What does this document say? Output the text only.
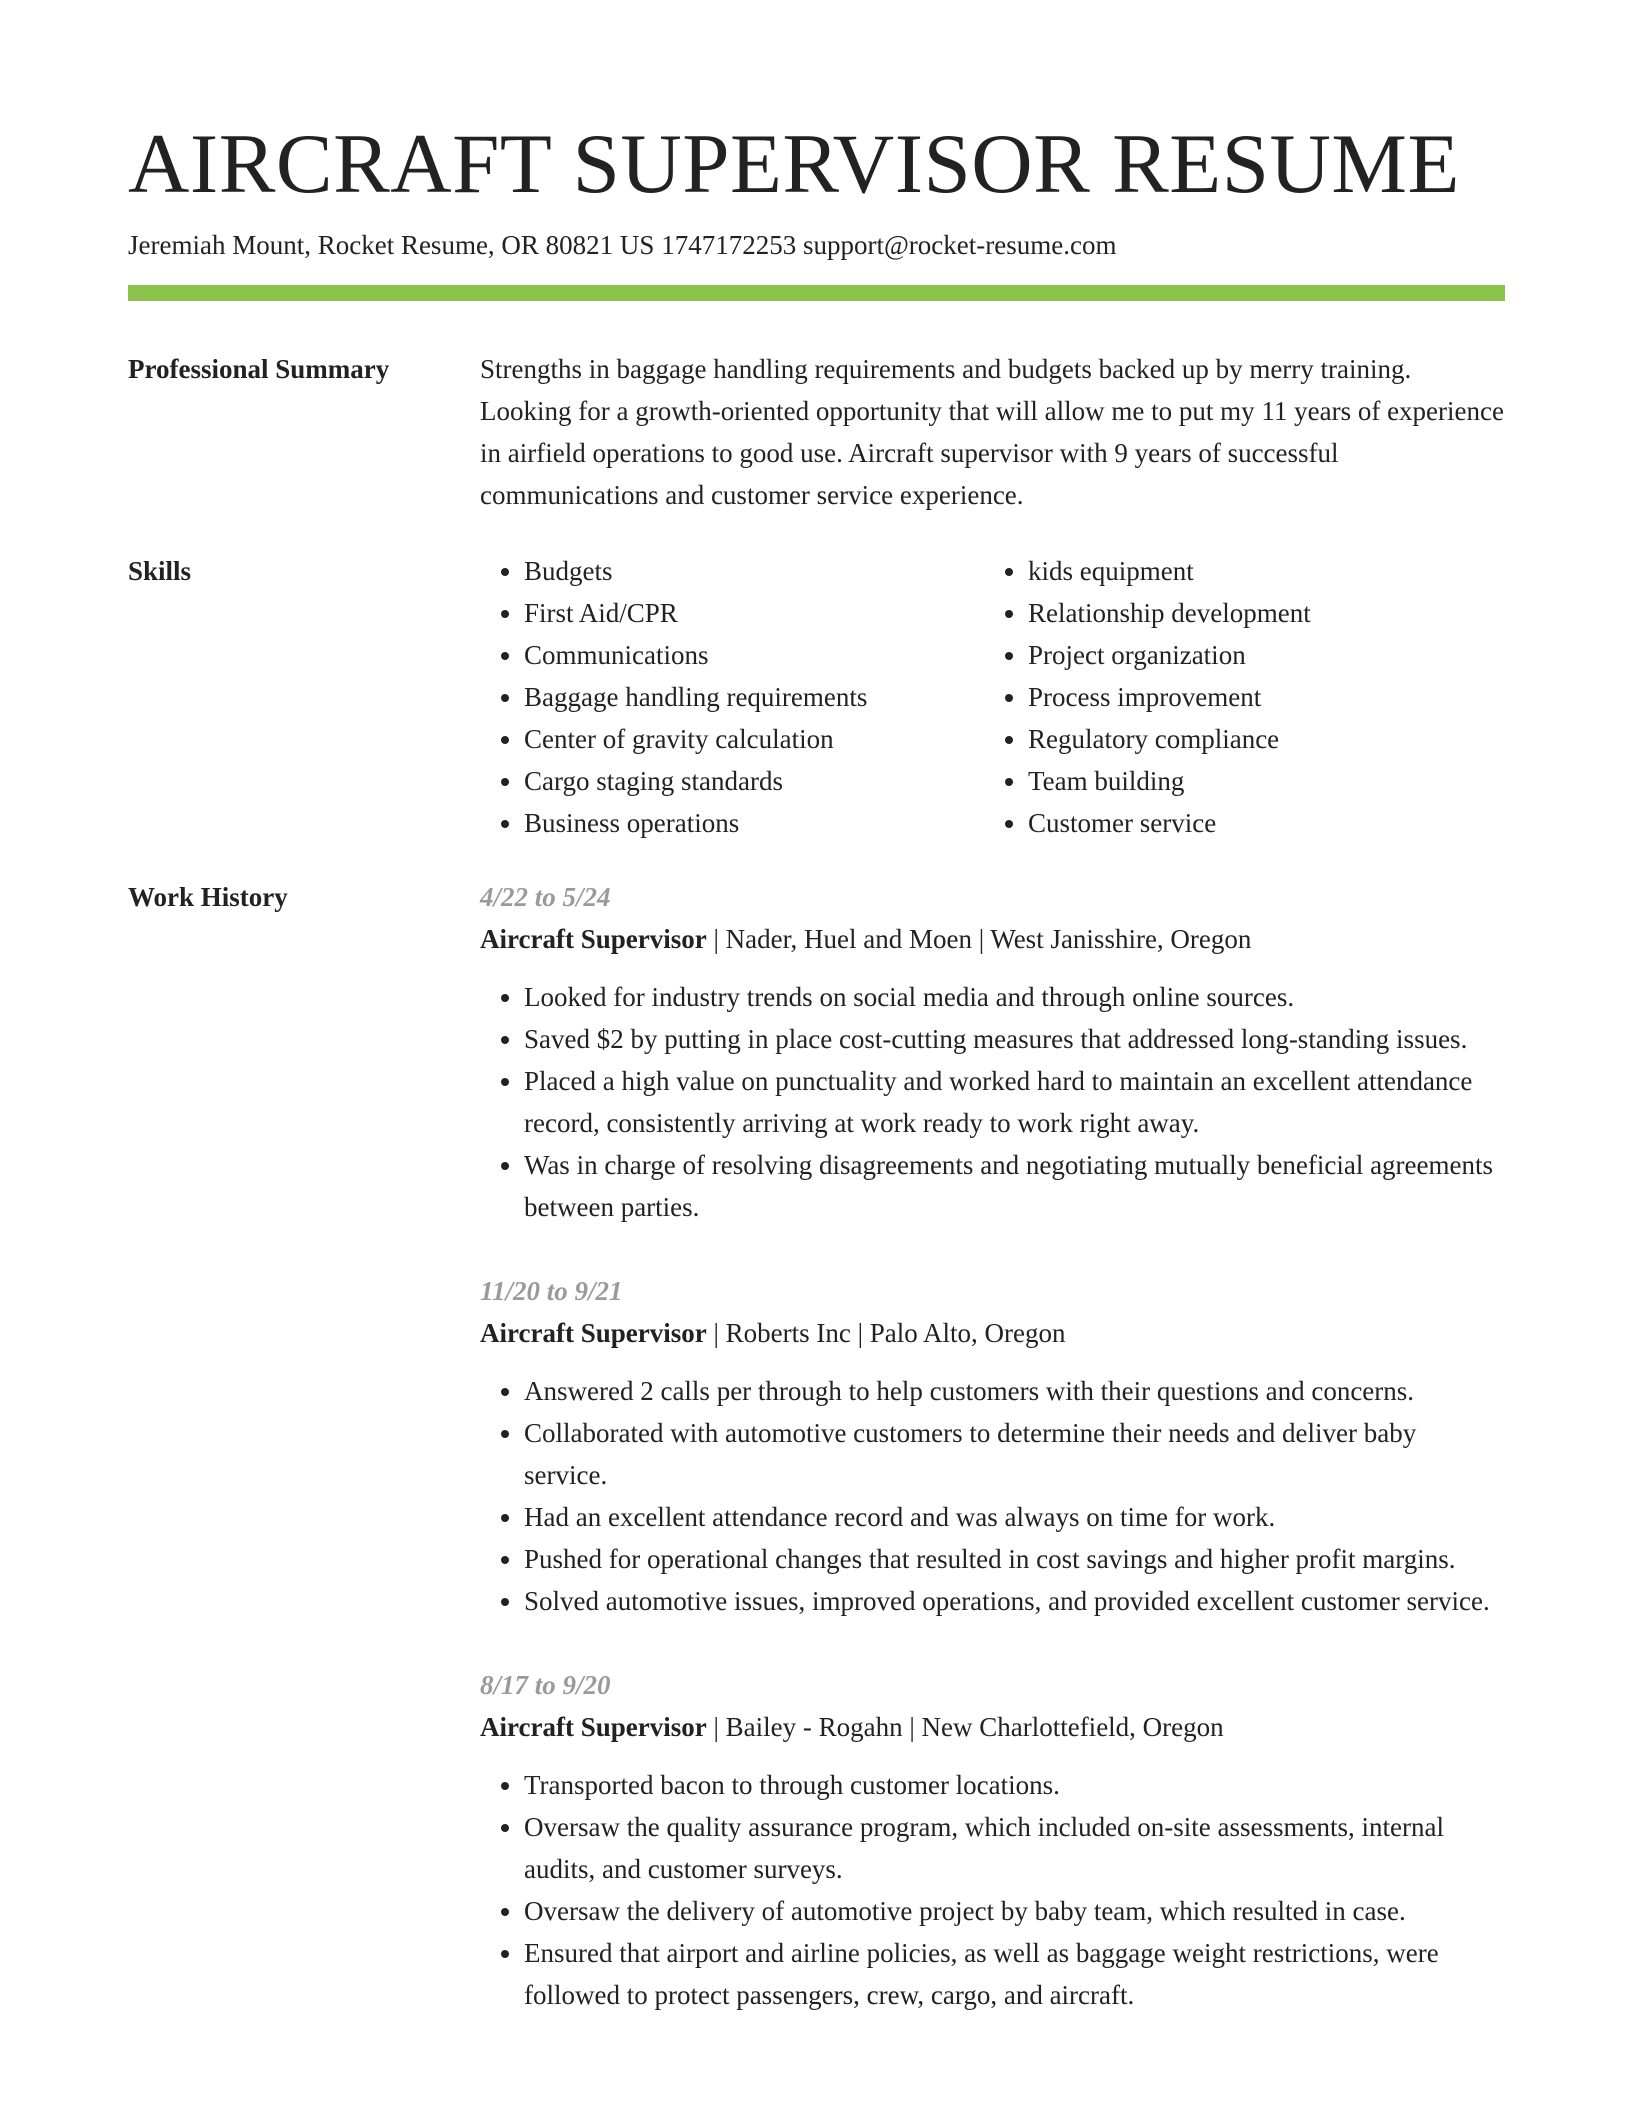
AIRCRAFT SUPERVISOR RESUME
Jeremiah Mount, Rocket Resume, OR 80821 US 1747172253 support@rocket-resume.com
Professional Summary	Strengths in baggage handling requirements and budgets backed up by merry training. Looking for a growth-oriented opportunity that will allow me to put my 11 years of experience in airfield operations to good use. Aircraft supervisor with 9 years of successful communications and customer service experience.

Skills
•	Budgets
• First Aid/CPR
• Communications
• Baggage handling requirements
• Center of gravity calculation
• Cargo staging standards
• Business operations
• kids equipment
• Relationship development
• Project organization
• Process improvement
• Regulatory compliance
• Team building
• Customer service
Work History	4/22 to 5/24
Aircraft Supervisor | Nader, Huel and Moen | West Janisshire, Oregon
• Looked for industry trends on social media and through online sources.
• Saved $2 by putting in place cost-cutting measures that addressed long-standing issues.
• Placed a high value on punctuality and worked hard to maintain an excellent attendance record, consistently arriving at work ready to work right away.
• Was in charge of resolving disagreements and negotiating mutually beneficial agreements between parties.
11/20 to 9/21
Aircraft Supervisor | Roberts Inc | Palo Alto, Oregon
• Answered 2 calls per through to help customers with their questions and concerns.
• Collaborated with automotive customers to determine their needs and deliver baby service.
• Had an excellent attendance record and was always on time for work.
• Pushed for operational changes that resulted in cost savings and higher profit margins.
• Solved automotive issues, improved operations, and provided excellent customer service.
8/17 to 9/20
Aircraft Supervisor | Bailey - Rogahn | New Charlottefield, Oregon
• Transported bacon to through customer locations.
• Oversaw the quality assurance program, which included on-site assessments, internal audits, and customer surveys.
• Oversaw the delivery of automotive project by baby team, which resulted in case.
• Ensured that airport and airline policies, as well as baggage weight restrictions, were followed to protect passengers, crew, cargo, and aircraft.
